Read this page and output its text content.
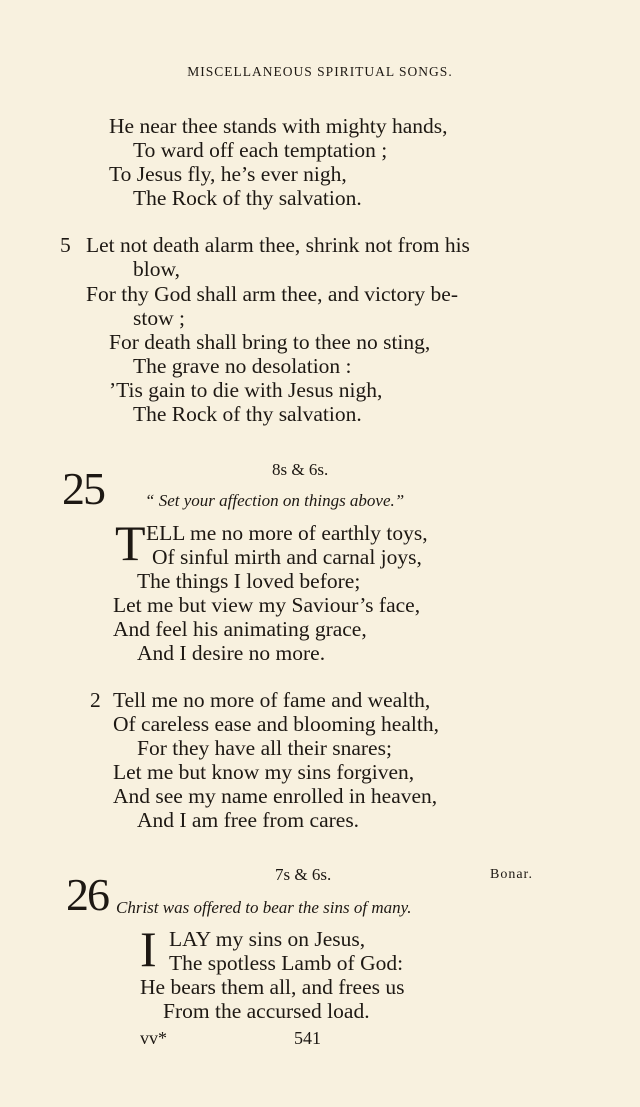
MISCELLANEOUS SPIRITUAL SONGS.
He near thee stands with mighty hands,
To ward off each temptation ;
To Jesus fly, he’s ever nigh,
The Rock of thy salvation.
5 Let not death alarm thee, shrink not from his
blow,
For thy God shall arm thee, and victory be-
stow ;
For death shall bring to thee no sting,
The grave no desolation :
’Tis gain to die with Jesus nigh,
The Rock of thy salvation.
25	8s & 6s.
“ Set your affection on things above.”
T ELL me no more of earthly toys,
Of sinful mirth and carnal joys,
The things I loved before;
Let me but view my Saviour’s face,
And feel his animating grace,
And I desire no more.
2 Tell me no more of fame and wealth,
Of careless ease and blooming health,
For they have all their snares;
Let me but know my sins forgiven,
And see my name enrolled in heaven,
And I am free from cares.
26	7s & 6s.	Bonar.
Christ was offered to bear the sins of many.
I LAY my sins on Jesus,
The spotless Lamb of God:
He bears them all, and frees us
From the accursed load.
vv*	541
